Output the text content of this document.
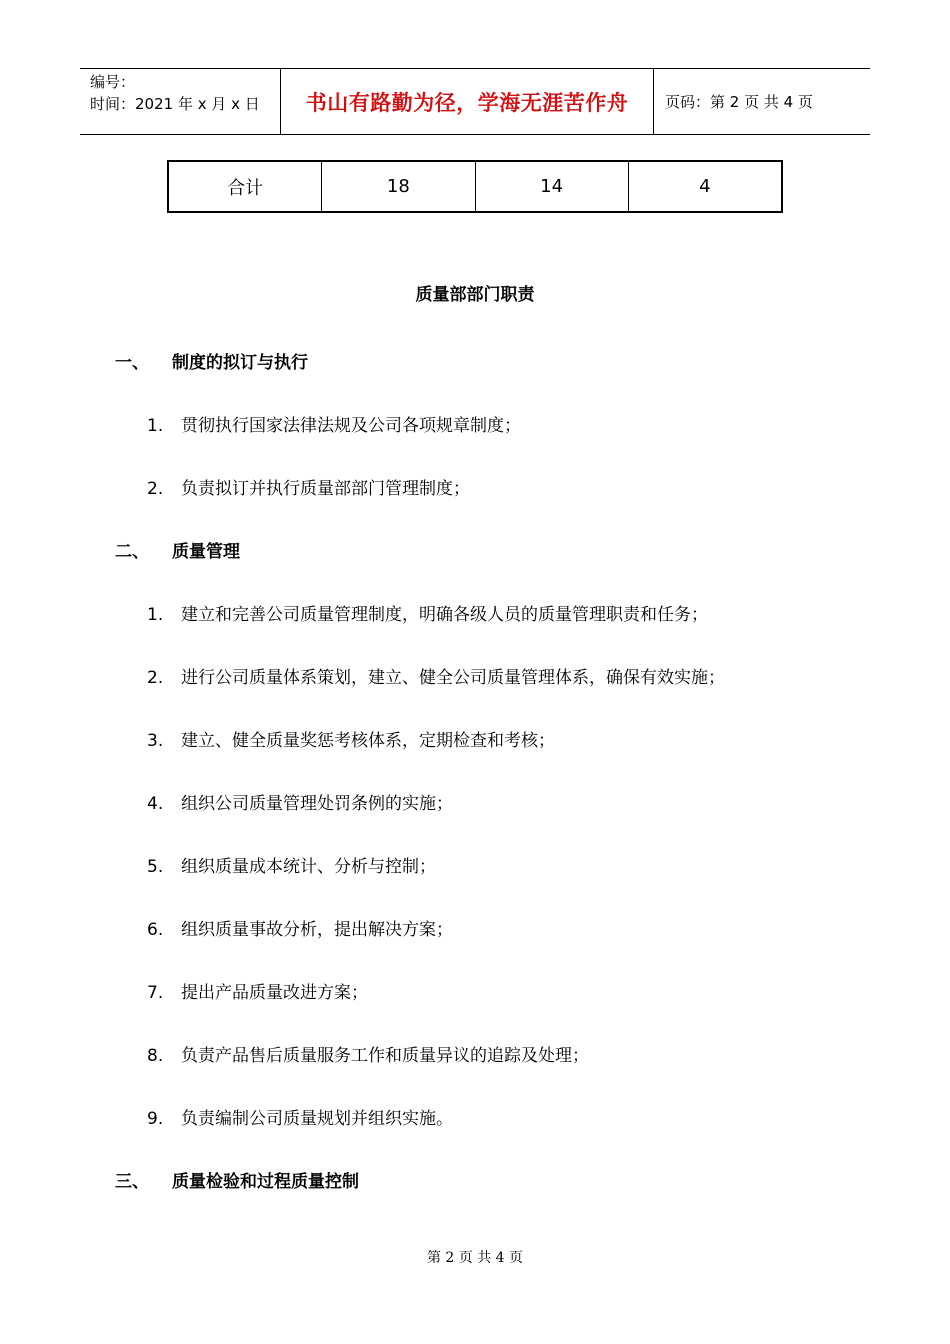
编号：
时间：2021 年 x 月 x 日	书山有路勤为径，学海无涯苦作舟 页码：第 2 页 共 4 页
合计	18	14	4
质量部部门职责
一、 制度的拟订与执行
1. 贯彻执行国家法律法规及公司各项规章制度；
2. 负责拟订并执行质量部部门管理制度；
二、 质量管理
1. 建立和完善公司质量管理制度，明确各级人员的质量管理职责和任务；
2. 进行公司质量体系策划，建立、健全公司质量管理体系，确保有效实施；
3. 建立、健全质量奖惩考核体系，定期检查和考核；
4. 组织公司质量管理处罚条例的实施；
5. 组织质量成本统计、分析与控制；
6. 组织质量事故分析，提出解决方案；
7. 提出产品质量改进方案；
8. 负责产品售后质量服务工作和质量异议的追踪及处理；
9. 负责编制公司质量规划并组织实施。
三、 质量检验和过程质量控制
第 2 页 共 4 页
